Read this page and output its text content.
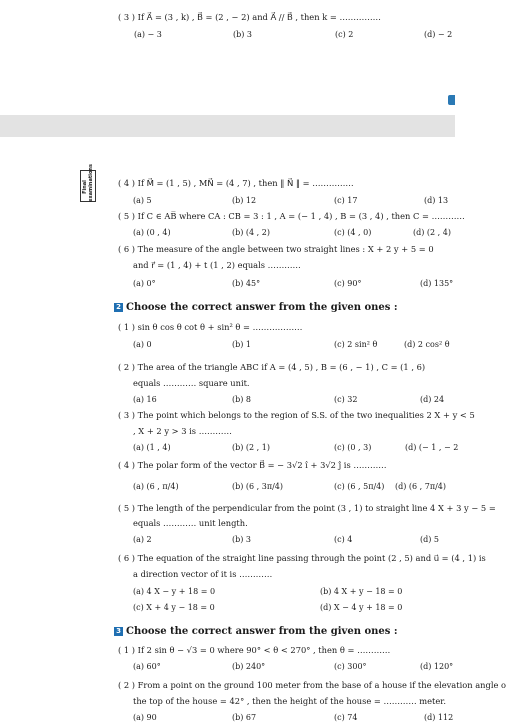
( 3 ) If A⃗ = (3 , k) , B⃗ = (2 , − 2) and A⃗ // B⃗ , then k = ……………
(a) − 3	(b) 3	(c) 2	(d) − 2
Final examinations	( 4 ) If M⃗ = (1 , 5) , MN⃗ = (4 , 7) , then ‖ N⃗ ‖ = ……………
(a) 5	(b) 12	(c) 17	(d) 13
( 5 ) If C ∈ AB̅ where CA : CB = 3 : 1 , A = (− 1 , 4) , B = (3 , 4) , then C = …………
(a) (0 , 4)	(b) (4 , 2)	(c) (4 , 0)	(d) (2 , 4)
( 6 ) The measure of the angle between two straight lines : X + 2 y + 5 = 0
and r⃗ = (1 , 4) + t (1 , 2) equals …………
(a) 0°	(b) 45°	(c) 90°	(d) 135°
2 Choose the correct answer from the given ones :
( 1 ) sin θ cos θ cot θ + sin² θ = ………………
(a) 0	(b) 1	(c) 2 sin² θ	(d) 2 cos² θ
( 2 ) The area of the triangle ABC if A = (4 , 5) , B = (6 , − 1) , C = (1 , 6)
equals ………… square unit.
(a) 16	(b) 8	(c) 32	(d) 24
( 3 ) The point which belongs to the region of S.S. of the two inequalities 2 X + y < 5
, X + 2 y > 3 is …………
(a) (1 , 4)	(b) (2 , 1)	(c) (0 , 3)	(d) (− 1 , − 2
( 4 ) The polar form of the vector B⃗ = − 3√2 î + 3√2 ĵ is …………
(a) (6 , π/4)	(b) (6 , 3π/4)	(c) (6 , 5π/4) (d) (6 , 7π/4)
( 5 ) The length of the perpendicular from the point (3 , 1) to straight line 4 X + 3 y − 5 =
equals ………… unit length.
(a) 2	(b) 3	(c) 4	(d) 5
( 6 ) The equation of the straight line passing through the point (2 , 5) and u⃗ = (4 , 1) is
a direction vector of it is …………
(a) 4 X − y + 18 = 0	(b) 4 X + y − 18 = 0
(c) X + 4 y − 18 = 0	(d) X − 4 y + 18 = 0
3 Choose the correct answer from the given ones :
( 1 ) If 2 sin θ − √3 = 0 where 90° < θ < 270° , then θ = …………
(a) 60°	(b) 240°	(c) 300°	(d) 120°
( 2 ) From a point on the ground 100 meter from the base of a house if the elevation angle o
the top of the house = 42° , then the height of the house = ………… meter.
(a) 90	(b) 67	(c) 74	(d) 112
